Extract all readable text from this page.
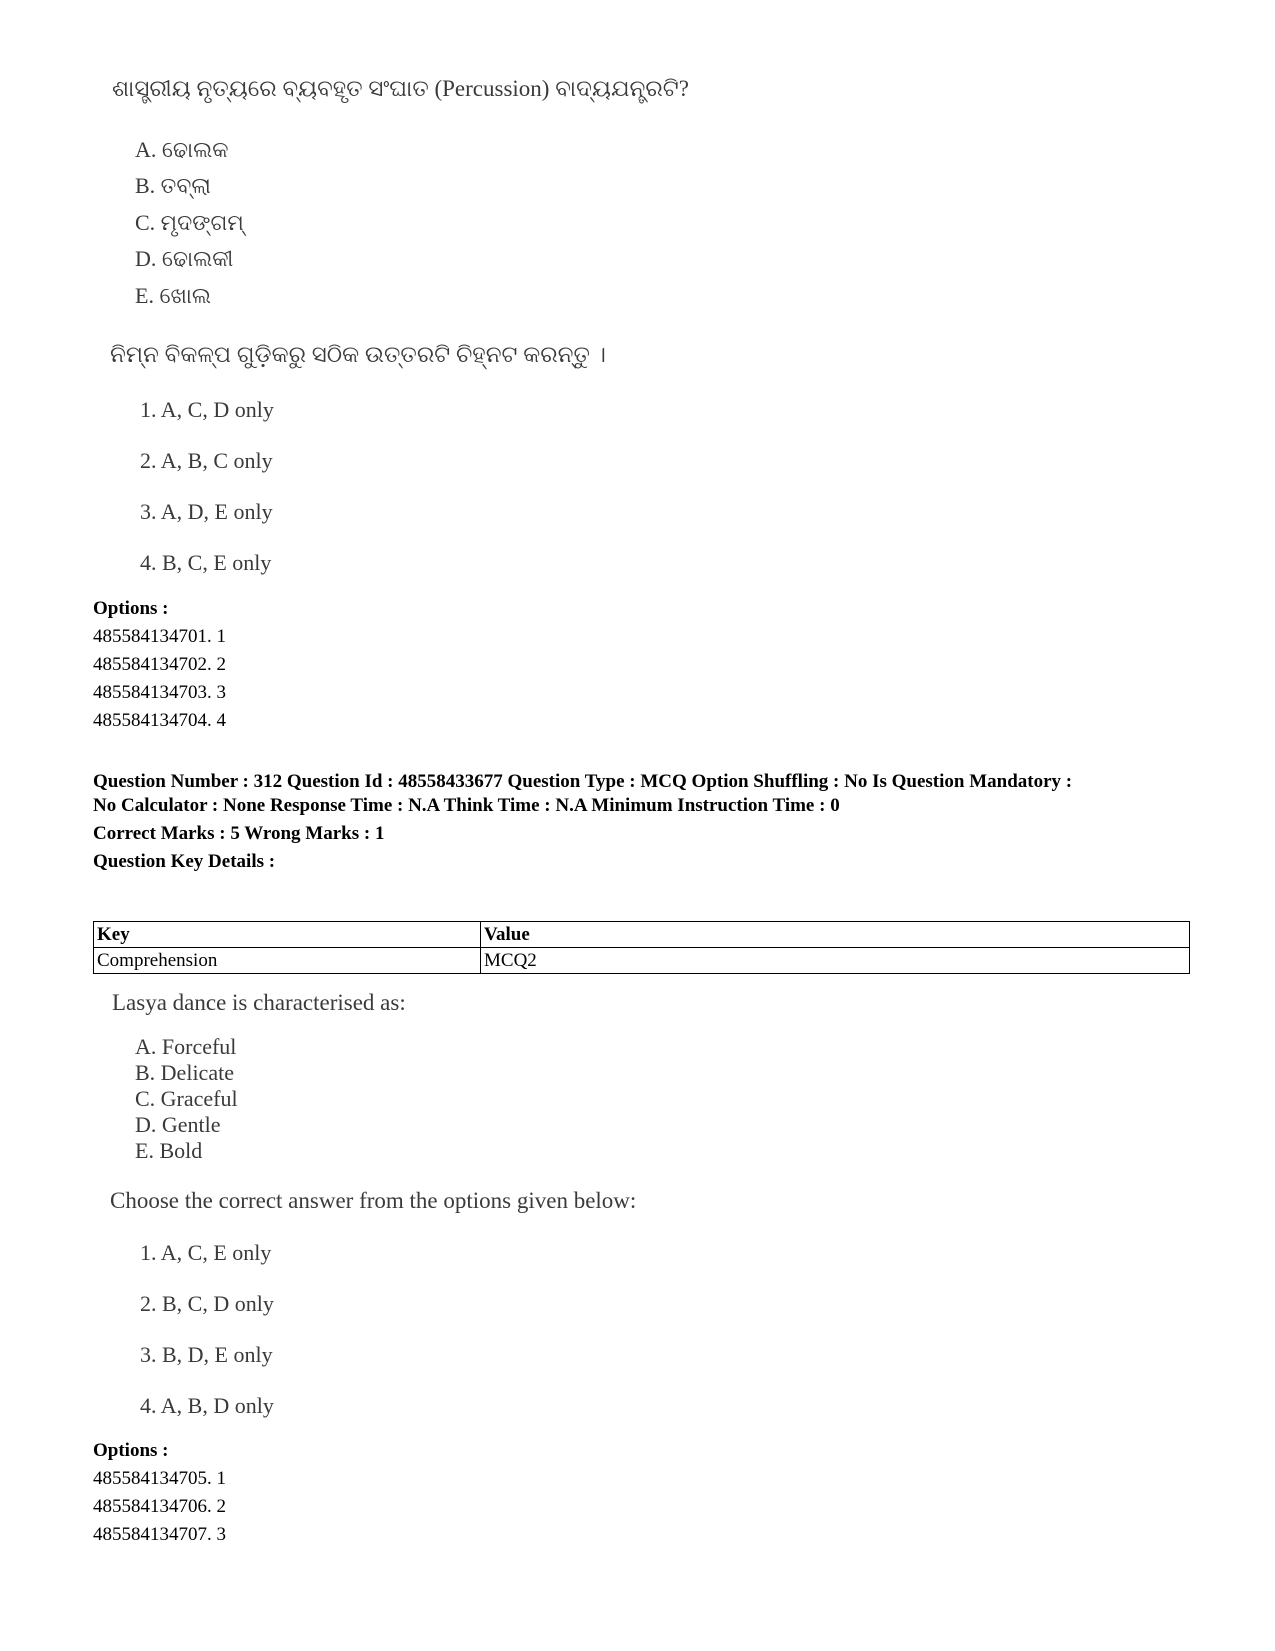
ଶାସ୍ତ୍ରୀୟ ନୃତ୍ୟରେ ବ୍ୟବହୃତ ସଂଘାତ (Percussion) ବାଦ୍ୟଯନ୍ତ୍ରଟି?
A. ଢୋଲକ
B. ତବ୍ଲା
C. ମୃଦଙ୍ଗମ୍
D. ଢୋଲକୀ
E. ଖୋଲ
ନିମ୍ନ ବିକଳ୍ପ ଗୁଡ଼ିକରୁ ସଠିକ ଉତ୍ତରଟି ଚିହ୍ନଟ କରନ୍ତୁ ।
1. A, C, D only
2. A, B, C only
3. A, D, E only
4. B, C, E only
Options :
485584134701. 1
485584134702. 2
485584134703. 3
485584134704. 4
Question Number : 312 Question Id : 48558433677 Question Type : MCQ Option Shuffling : No Is Question Mandatory :
No Calculator : None Response Time : N.A Think Time : N.A Minimum Instruction Time : 0
Correct Marks : 5 Wrong Marks : 1
Question Key Details :
Key	Value
Comprehension	MCQ2
Lasya dance is characterised as:
A. Forceful
B. Delicate
C. Graceful
D. Gentle
E. Bold
Choose the correct answer from the options given below:
1. A, C, E only
2. B, C, D only
3. B, D, E only
4. A, B, D only
Options :
485584134705. 1
485584134706. 2
485584134707. 3
